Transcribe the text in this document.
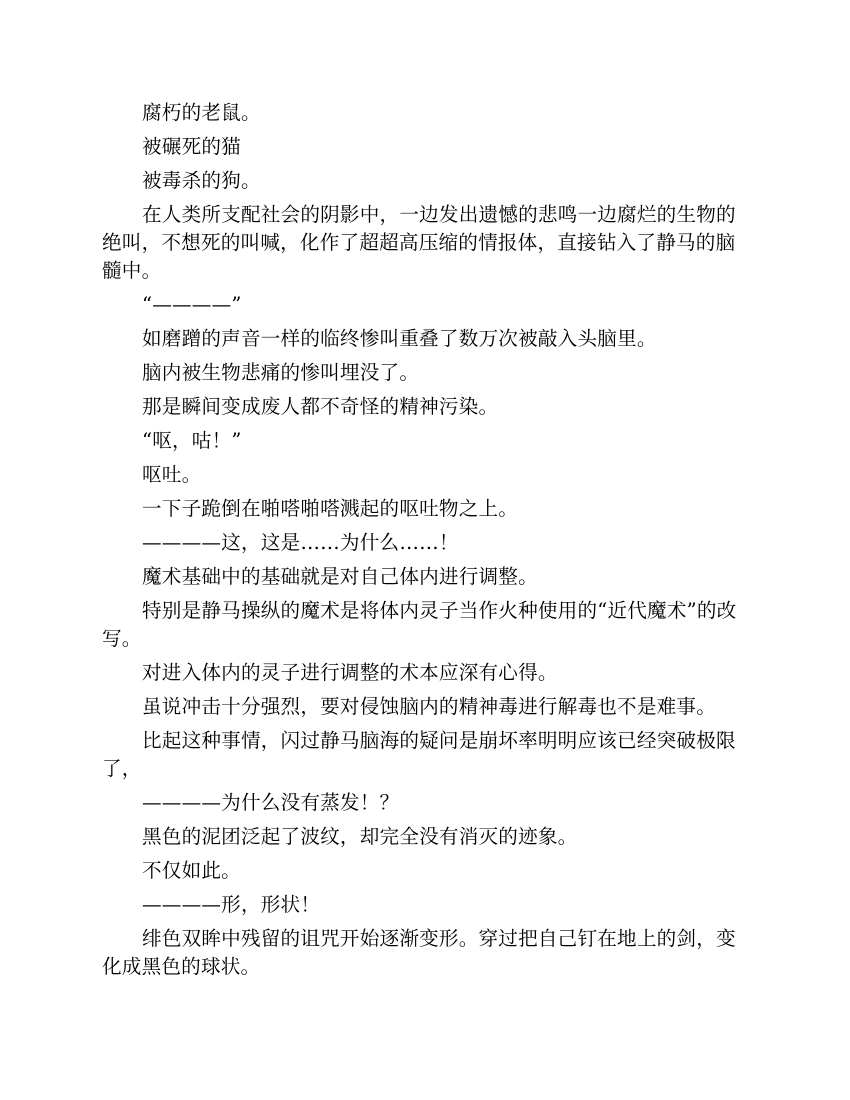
腐朽的老鼠。

被碾死的猫

被毒杀的狗。

在人类所支配社会的阴影中，一边发出遗憾的悲鸣一边腐烂的生物的绝叫，不想死的叫喊，化作了超超高压缩的情报体，直接钻入了静马的脑髓中。

“————”

如磨蹭的声音一样的临终惨叫重叠了数万次被敲入头脑里。

脑内被生物悲痛的惨叫埋没了。

那是瞬间变成废人都不奇怪的精神污染。

“呕，咕！”

呕吐。

一下子跪倒在啪嗒啪嗒溅起的呕吐物之上。

————这，这是……为什么……！

魔术基础中的基础就是对自己体内进行调整。

特别是静马操纵的魔术是将体内灵子当作火种使用的“近代魔术”的改写。

对进入体内的灵子进行调整的术本应深有心得。

虽说冲击十分强烈，要对侵蚀脑内的精神毒进行解毒也不是难事。

比起这种事情，闪过静马脑海的疑问是崩坏率明明应该已经突破极限了，

————为什么没有蒸发！？

黑色的泥团泛起了波纹，却完全没有消灭的迹象。

不仅如此。

————形，形状！

绯色双眸中残留的诅咒开始逐渐变形。穿过把自己钉在地上的剑，变化成黑色的球状。
